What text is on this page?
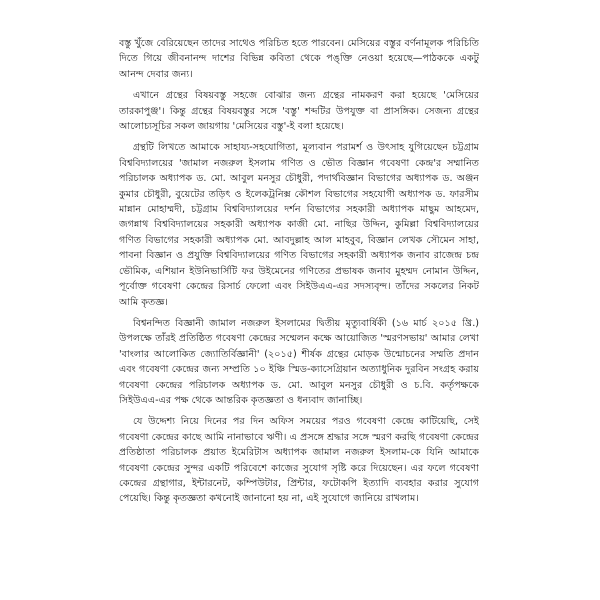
বস্তু খুঁজে বেরিয়েছেন তাদের সাথেও পরিচিত হতে পারবেন। মেসিয়ের বস্তুর বর্ণনামূলক পরিচিতি দিতে গিয়ে জীবনানন্দ দাশের বিভিন্ন কবিতা থেকে পঙ্‌ক্তি নেওয়া হয়েছে—পাঠককে একটু আনন্দ দেবার জন্য।

এখানে গ্রন্থের বিষয়বস্তু সহজে বোঝার জন্য গ্রন্থের নামকরণ করা হয়েছে 'মেসিয়ের তারকাপুঞ্জ'। কিন্তু গ্রন্থের বিষয়বস্তুর সঙ্গে 'বস্তু' শব্দটির উপযুক্ত বা প্রাসঙ্গিক। সেজন্য গ্রন্থের আলোচ্যসূচির সকল জায়গায় 'মেসিয়ের বস্তু'-ই বলা হয়েছে।

গ্রন্থটি লিখতে আমাকে সাহায্য-সহযোগিতা, মূল্যবান পরামর্শ ও উৎসাহ যুগিয়েছেন চট্টগ্রাম বিশ্ববিদ্যালয়ের 'জামাল নজরুল ইসলাম গণিত ও ভৌত বিজ্ঞান গবেষণা কেন্দ্র'র সম্মানিত পরিচালক অধ্যাপক ড. মো. আবুল মনসুর চৌধুরী, পদার্থবিজ্ঞান বিভাগের অধ্যাপক ড. অঞ্জন কুমার চৌধুরী, বুয়েটের তড়িৎ ও ইলেকট্রনিক্স কৌশল বিভাগের সহযোগী অধ্যাপক ড. ফারসীম মান্নান মোহাম্মদী, চট্টগ্রাম বিশ্ববিদ্যালয়ের দর্শন বিভাগের সহকারী অধ্যাপক মাছুম আহমেদ, জগন্নাথ বিশ্ববিদ্যালয়ের সহকারী অধ্যাপক কাজী মো. নাছির উদ্দিন, কুমিল্লা বিশ্ববিদ্যালয়ের গণিত বিভাগের সহকারী অধ্যাপক মো. আবদুল্লাহ আল মাহবুব, বিজ্ঞান লেখক সৌমেন সাহা, পাবনা বিজ্ঞান ও প্রযুক্তি বিশ্ববিদ্যালয়ের গণিত বিভাগের সহকারী অধ্যাপক জনাব রাজেন্দ্র চন্দ্র ভৌমিক, এশিয়ান ইউনিভার্সিটি ফর উইমেনের গণিতের প্রভাষক জনাব মুহম্মদ নোমান উদ্দিন, পূর্বোক্ত গবেষণা কেন্দ্রের রিসার্চ ফেলো এবং সিইউএএ-এর সদস্যবৃন্দ। তাঁদের সকলের নিকট আমি কৃতজ্ঞ।

বিশ্বনন্দিত বিজ্ঞানী জামাল নজরুল ইসলামের দ্বিতীয় মৃত্যুবার্ষিকী (১৬ মার্চ ২০১৫ খ্রি.) উপলক্ষে তাঁরই প্রতিষ্ঠিত গবেষণা কেন্দ্রের সম্মেলন কক্ষে আয়োজিত 'স্মরণসভায়' আমার লেখা 'বাংলার আলোকিত জ্যোতির্বিজ্ঞানী' (২০১৫) শীর্ষক গ্রন্থের মোড়ক উন্মোচনের সম্মতি প্রদান এবং গবেষণা কেন্দ্রের জন্য সম্প্রতি ১০ ইঞ্চি স্মিড-ক্যাসেগ্রিয়ান অত্যাধুনিক দুরবিন সংগ্রহ করায় গবেষণা কেন্দ্রের পরিচালক অধ্যাপক ড. মো. আবুল মনসুর চৌধুরী ও চ.বি. কর্তৃপক্ষকে সিইউএএ-এর পক্ষ থেকে আন্তরিক কৃতজ্ঞতা ও ধন্যবাদ জানাচ্ছি।

যে উদ্দেশ্য নিয়ে দিনের পর দিন অফিস সময়ের পরও গবেষণা কেন্দ্রে কাটিয়েছি, সেই গবেষণা কেন্দ্রের কাছে আমি নানাভাবে ঋণী। এ প্রসঙ্গে শ্রদ্ধার সঙ্গে স্মরণ করছি গবেষণা কেন্দ্রের প্রতিষ্ঠাতা পরিচালক প্রয়াত ইমেরিটাস অধ্যাপক জামাল নজরুল ইসলাম-কে যিনি আমাকে গবেষণা কেন্দ্রের সুন্দর একটি পরিবেশে কাজের সুযোগ সৃষ্টি করে দিয়েছেন। এর ফলে গবেষণা কেন্দ্রের গ্রন্থাগার, ইন্টারনেট, কম্পিউটার, প্রিন্টার, ফটোকপি ইত্যাদি ব্যবহার করার সুযোগ পেয়েছি। কিন্তু কৃতজ্ঞতা কখনোই জানানো হয় না, এই সুযোগে জানিয়ে রাখলাম।
